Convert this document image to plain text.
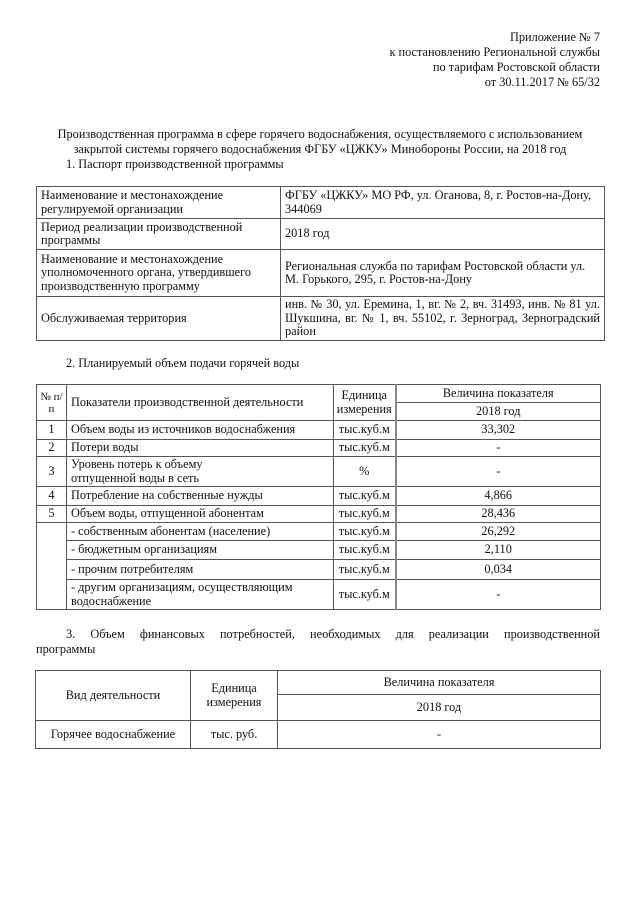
Приложение № 7
к постановлению Региональной службы
по тарифам Ростовской области
от 30.11.2017 № 65/32
Производственная программа в сфере горячего водоснабжения, осуществляемого с использованием
закрытой системы горячего водоснабжения ФГБУ «ЦЖКУ» Минобороны России, на 2018 год
1. Паспорт производственной программы
Наименование и местонахождение регулируемой организации	ФГБУ «ЦЖКУ» МО РФ, ул. Оганова, 8, г. Ростов-на-Дону, 344069
Период реализации производственной программы	2018 год
Наименование и местонахождение уполномоченного органа, утвердившего производственную программу	Региональная служба по тарифам Ростовской области ул. М. Горького, 295, г. Ростов-на-Дону
Обслуживаемая территория	инв. № 30, ул. Еремина, 1, вг. № 2, вч. 31493, инв. № 81 ул. Шукшина, вг. № 1, вч. 55102, г. Зерноград, Зерноградский район
2. Планируемый объем подачи горячей воды
№ п/п	Показатели производственной деятельности	Единица измерения	Величина показателя
			2018 год
1	Объем воды из источников водоснабжения	тыс.куб.м	33,302
2	Потери воды	тыс.куб.м	-
3	Уровень потерь к объему отпущенной воды в сеть	%	-
4	Потребление на собственные нужды	тыс.куб.м	4,866
5	Объем воды, отпущенной абонентам	тыс.куб.м	28,436
	- собственным абонентам (население)	тыс.куб.м	26,292
	- бюджетным организациям	тыс.куб.м	2,110
	- прочим потребителям	тыс.куб.м	0,034
	- другим организациям, осуществляющим водоснабжение	тыс.куб.м	-
3. Объем финансовых потребностей, необходимых для реализации производственной
программы
Вид деятельности	Единица измерения	Величина показателя
		2018 год
Горячее водоснабжение	тыс. руб.	-
